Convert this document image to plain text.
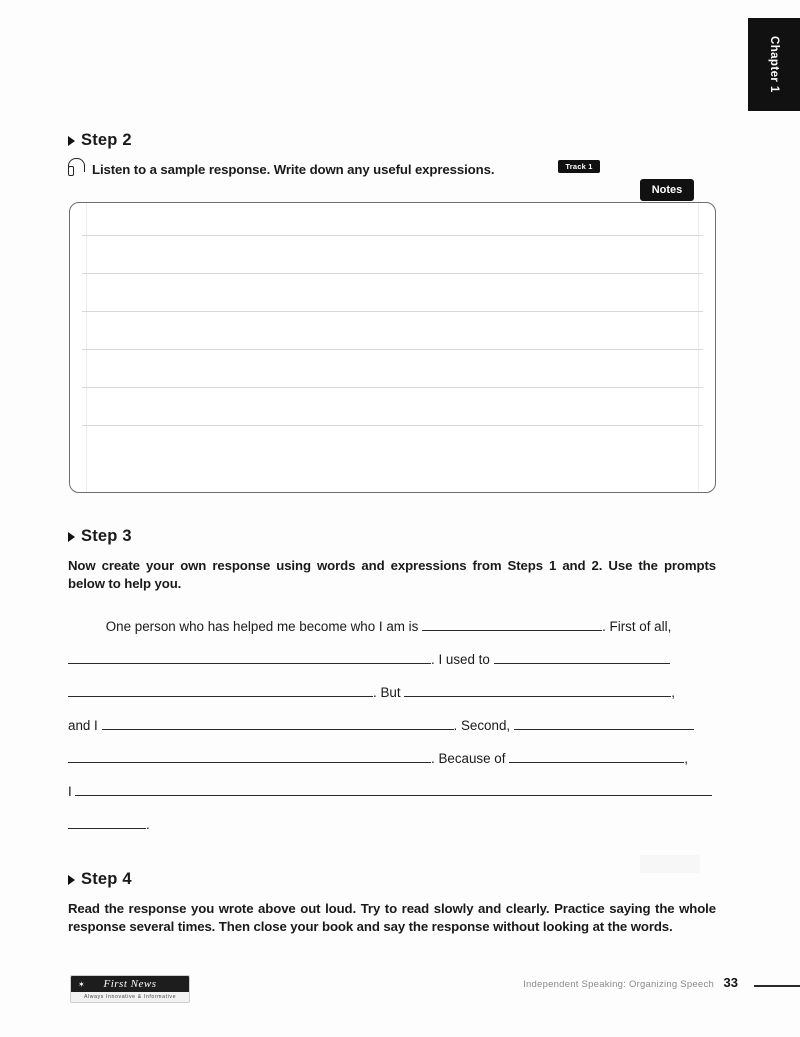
Chapter 1
Step 2
Listen to a sample response. Write down any useful expressions.	Track 1
Notes
Step 3
Now create your own response using words and expressions from Steps 1 and 2. Use the prompts below to help you.
One person who has helped me become who I am is	. First of all,
. I used to
. But	,
and I	. Second,
. Because of	,
I
.
Step 4
Read the response you wrote above out loud. Try to read slowly and clearly. Practice saying the whole response several times. Then close your book and say the response without looking at the words.
✶	First News
Always Innovative & Informative
Independent Speaking: Organizing Speech 33
